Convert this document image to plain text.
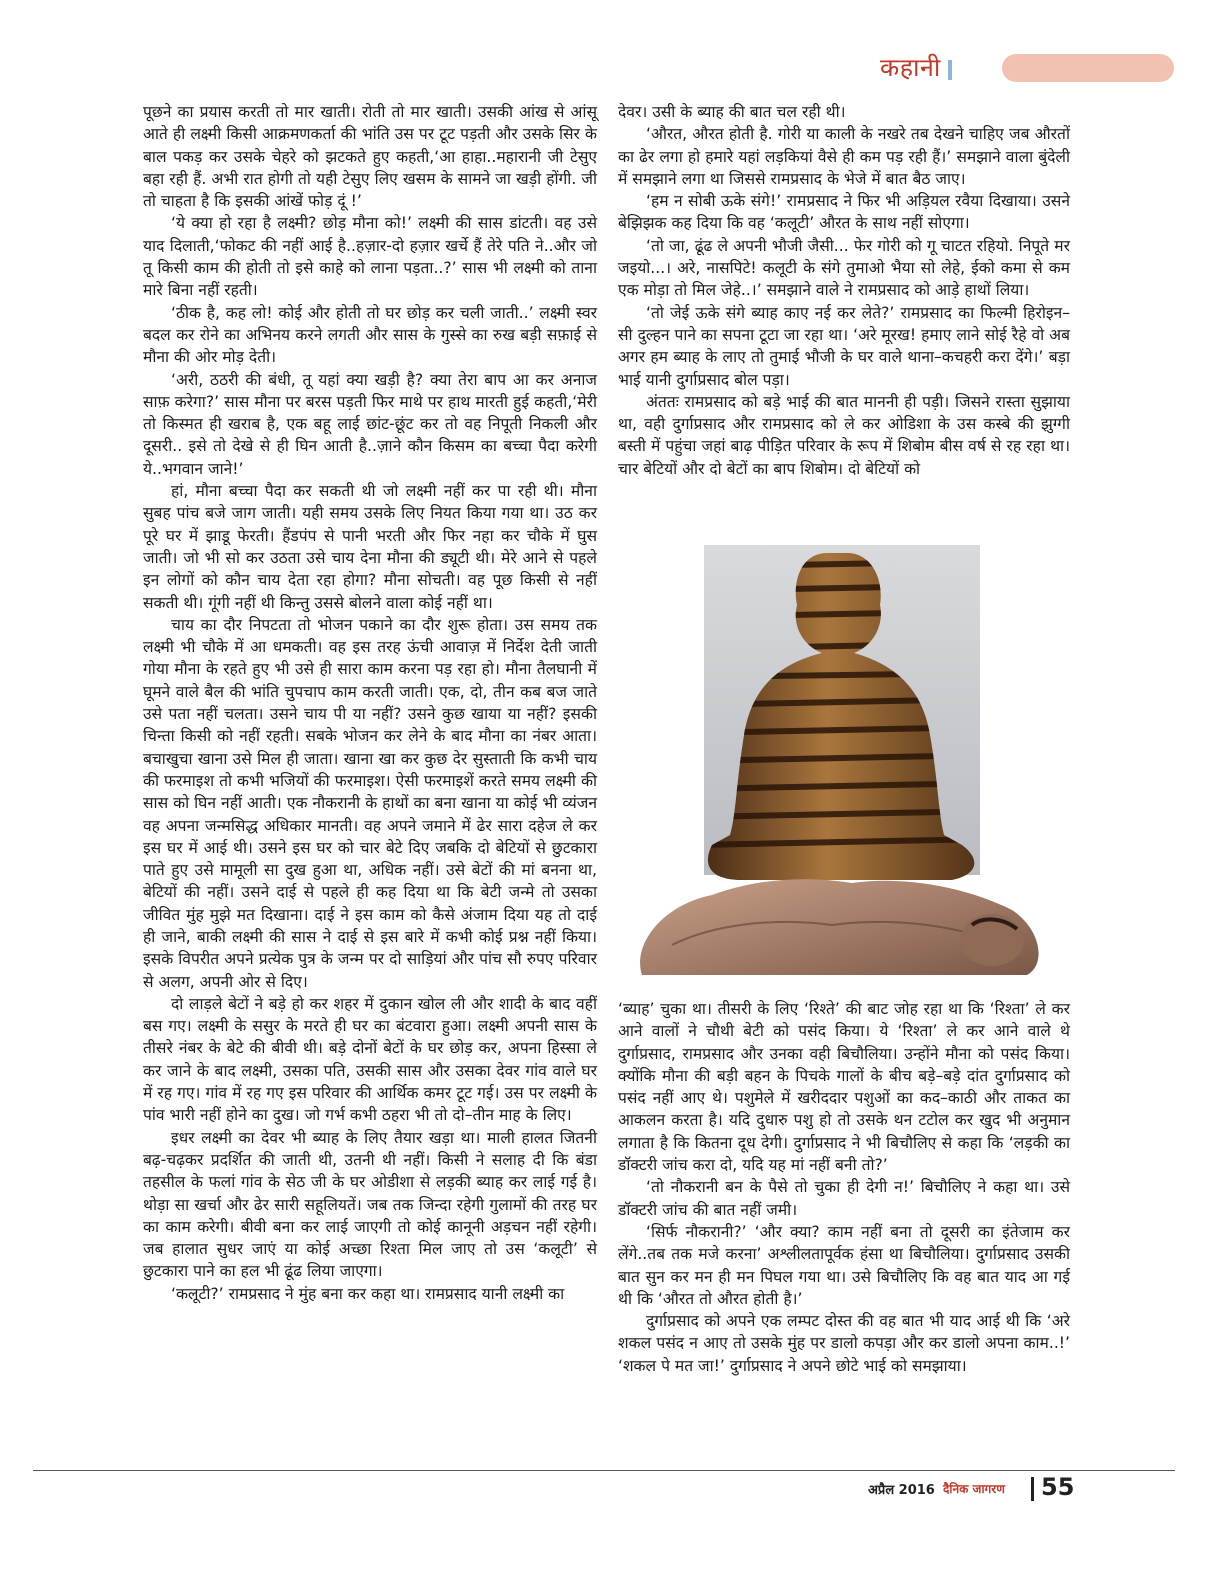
कहानी

पूछने का प्रयास करती तो मार खाती। रोती तो मार खाती। उसकी आंख से आंसू आते ही लक्ष्मी किसी आक्रमणकर्ता की भांति उस पर टूट पड़ती और उसके सिर के बाल पकड़ कर उसके चेहरे को झटकते हुए कहती,‘आ हाहा..महारानी जी टेसुए बहा रही हैं. अभी रात होगी तो यही टेसुए लिए खसम के सामने जा खड़ी होंगी. जी तो चाहता है कि इसकी आंखें फोड़ दूं !’

‘ये क्या हो रहा है लक्ष्मी? छोड़ मौना को!’ लक्ष्मी की सास डांटती। वह उसे याद दिलाती,‘फोकट की नहीं आई है..हज़ार-दो हज़ार खर्चे हैं तेरे पति ने..और जो तू किसी काम की होती तो इसे काहे को लाना पड़ता..?’ सास भी लक्ष्मी को ताना मारे बिना नहीं रहती।

‘ठीक है, कह लो! कोई और होती तो घर छोड़ कर चली जाती..’ लक्ष्मी स्वर बदल कर रोने का अभिनय करने लगती और सास के गुस्से का रुख बड़ी सफ़ाई से मौना की ओर मोड़ देती।

‘अरी, ठठरी की बंधी, तू यहां क्या खड़ी है? क्या तेरा बाप आ कर अनाज साफ़ करेगा?’ सास मौना पर बरस पड़ती फिर माथे पर हाथ मारती हुई कहती,‘मेरी तो किस्मत ही खराब है, एक बहू लाई छांट-छूंट कर तो वह निपूती निकली और दूसरी.. इसे तो देखे से ही घिन आती है..ज़ाने कौन किसम का बच्चा पैदा करेगी ये..भगवान जाने!’

हां, मौना बच्चा पैदा कर सकती थी जो लक्ष्मी नहीं कर पा रही थी। मौना सुबह पांच बजे जाग जाती। यही समय उसके लिए नियत किया गया था। उठ कर पूरे घर में झाडू फेरती। हैंडपंप से पानी भरती और फिर नहा कर चौके में घुस जाती। जो भी सो कर उठता उसे चाय देना मौना की ड्यूटी थी। मेरे आने से पहले इन लोगों को कौन चाय देता रहा होगा? मौना सोचती। वह पूछ किसी से नहीं सकती थी। गूंगी नहीं थी किन्तु उससे बोलने वाला कोई नहीं था।

चाय का दौर निपटता तो भोजन पकाने का दौर शुरू होता। उस समय तक लक्ष्मी भी चौके में आ धमकती। वह इस तरह ऊंची आवाज़ में निर्देश देती जाती गोया मौना के रहते हुए भी उसे ही सारा काम करना पड़ रहा हो। मौना तैलघानी में घूमने वाले बैल की भांति चुपचाप काम करती जाती। एक, दो, तीन कब बज जाते उसे पता नहीं चलता। उसने चाय पी या नहीं? उसने कुछ खाया या नहीं? इसकी चिन्ता किसी को नहीं रहती। सबके भोजन कर लेने के बाद मौना का नंबर आता। बचाखुचा खाना उसे मिल ही जाता। खाना खा कर कुछ देर सुस्ताती कि कभी चाय की फरमाइश तो कभी भजियों की फरमाइश। ऐसी फरमाइशें करते समय लक्ष्मी की सास को घिन नहीं आती। एक नौकरानी के हाथों का बना खाना या कोई भी व्यंजन वह अपना जन्मसिद्ध अधिकार मानती। वह अपने जमाने में ढेर सारा दहेज ले कर इस घर में आई थी। उसने इस घर को चार बेटे दिए जबकि दो बेटियों से छुटकारा पाते हुए उसे मामूली सा दुख हुआ था, अधिक नहीं। उसे बेटों की मां बनना था, बेटियों की नहीं। उसने दाई से पहले ही कह दिया था कि बेटी जन्मे तो उसका जीवित मुंह मुझे मत दिखाना। दाई ने इस काम को कैसे अंजाम दिया यह तो दाई ही जाने, बाकी लक्ष्मी की सास ने दाई से इस बारे में कभी कोई प्रश्न नहीं किया। इसके विपरीत अपने प्रत्येक पुत्र के जन्म पर दो साड़ियां और पांच सौ रुपए परिवार से अलग, अपनी ओर से दिए।

दो लाड़ले बेटों ने बड़े हो कर शहर में दुकान खोल ली और शादी के बाद वहीं बस गए। लक्ष्मी के ससुर के मरते ही घर का बंटवारा हुआ। लक्ष्मी अपनी सास के तीसरे नंबर के बेटे की बीवी थी। बड़े दोनों बेटों के घर छोड़ कर, अपना हिस्सा ले कर जाने के बाद लक्ष्मी, उसका पति, उसकी सास और उसका देवर गांव वाले घर में रह गए। गांव में रह गए इस परिवार की आर्थिक कमर टूट गई। उस पर लक्ष्मी के पांव भारी नहीं होने का दुख। जो गर्भ कभी ठहरा भी तो दो–तीन माह के लिए।

इधर लक्ष्मी का देवर भी ब्याह के लिए तैयार खड़ा था। माली हालत जितनी बढ़-चढ़कर प्रदर्शित की जाती थी, उतनी थी नहीं। किसी ने सलाह दी कि बंडा तहसील के फलां गांव के सेठ जी के घर ओडीशा से लड़की ब्याह कर लाई गई है। थोड़ा सा खर्चा और ढेर सारी सहूलियतें। जब तक जिन्दा रहेगी गुलामों की तरह घर का काम करेगी। बीवी बना कर लाई जाएगी तो कोई कानूनी अड़चन नहीं रहेगी। जब हालात सुधर जाएं या कोई अच्छा रिश्ता मिल जाए तो उस ‘कलूटी’ से छुटकारा पाने का हल भी ढूंढ लिया जाएगा।

‘कलूटी?’ रामप्रसाद ने मुंह बना कर कहा था। रामप्रसाद यानी लक्ष्मी का

देवर। उसी के ब्याह की बात चल रही थी।

‘औरत, औरत होती है. गोरी या काली के नखरे तब देखने चाहिए जब औरतों का ढेर लगा हो हमारे यहां लड़कियां वैसे ही कम पड़ रही हैं।’ समझाने वाला बुंदेली में समझाने लगा था जिससे रामप्रसाद के भेजे में बात बैठ जाए।

‘हम न सोबी ऊके संगे!’ रामप्रसाद ने फिर भी अड़ियल रवैया दिखाया। उसने बेझिझक कह दिया कि वह ‘कलूटी’ औरत के साथ नहीं सोएगा।

‘तो जा, ढूंढ ले अपनी भौजी जैसी... फेर गोरी को गू चाटत रहियो. निपूते मर जइयो...। अरे, नासपिटे! कलूटी के संगे तुमाओ भैया सो लेहे, ईको कमा से कम एक मोड़ा तो मिल जेहे..।’ समझाने वाले ने रामप्रसाद को आड़े हाथों लिया।

‘तो जेई ऊके संगे ब्याह काए नई कर लेते?’ रामप्रसाद का फिल्मी हिरोइन–सी दुल्हन पाने का सपना टूटा जा रहा था। ‘अरे मूरख! हमाए लाने सोई रैहे वो अब अगर हम ब्याह के लाए तो तुमाई भौजी के घर वाले थाना–कचहरी करा देंगे।’ बड़ा भाई यानी दुर्गाप्रसाद बोल पड़ा।

अंततः रामप्रसाद को बड़े भाई की बात माननी ही पड़ी। जिसने रास्ता सुझाया था, वही दुर्गाप्रसाद और रामप्रसाद को ले कर ओडिशा के उस कस्बे की झुग्गी बस्ती में पहुंचा जहां बाढ़ पीड़ित परिवार के रूप में शिबोम बीस वर्ष से रह रहा था। चार बेटियों और दो बेटों का बाप शिबोम। दो बेटियों को

‘ब्याह’ चुका था। तीसरी के लिए ‘रिश्ते’ की बाट जोह रहा था कि ‘रिश्ता’ ले कर आने वालों ने चौथी बेटी को पसंद किया। ये ‘रिश्ता’ ले कर आने वाले थे दुर्गाप्रसाद, रामप्रसाद और उनका वही बिचौलिया। उन्होंने मौना को पसंद किया। क्योंकि मौना की बड़ी बहन के पिचके गालों के बीच बड़े–बड़े दांत दुर्गाप्रसाद को पसंद नहीं आए थे। पशुमेले में खरीददार पशुओं का कद–काठी और ताकत का आकलन करता है। यदि दुधारु पशु हो तो उसके थन टटोल कर खुद भी अनुमान लगाता है कि कितना दूध देगी। दुर्गाप्रसाद ने भी बिचौलिए से कहा कि ‘लड़की का डॉक्टरी जांच करा दो, यदि यह मां नहीं बनी तो?’

‘तो नौकरानी बन के पैसे तो चुका ही देगी न!’ बिचौलिए ने कहा था। उसे डॉक्टरी जांच की बात नहीं जमी।

‘सिर्फ नौकरानी?’ ‘और क्या? काम नहीं बना तो दूसरी का इंतेजाम कर लेंगे..तब तक मजे करना’ अश्लीलतापूर्वक हंसा था बिचौलिया। दुर्गाप्रसाद उसकी बात सुन कर मन ही मन पिघल गया था। उसे बिचौलिए कि वह बात याद आ गई थी कि ‘औरत तो औरत होती है।’

दुर्गाप्रसाद को अपने एक लम्पट दोस्त की वह बात भी याद आई थी कि ‘अरे शकल पसंद न आए तो उसके मुंह पर डालो कपड़ा और कर डालो अपना काम..!’ ‘शकल पे मत जा!’ दुर्गाप्रसाद ने अपने छोटे भाई को समझाया।

अप्रैल 2016 दैनिक जागरण 55
